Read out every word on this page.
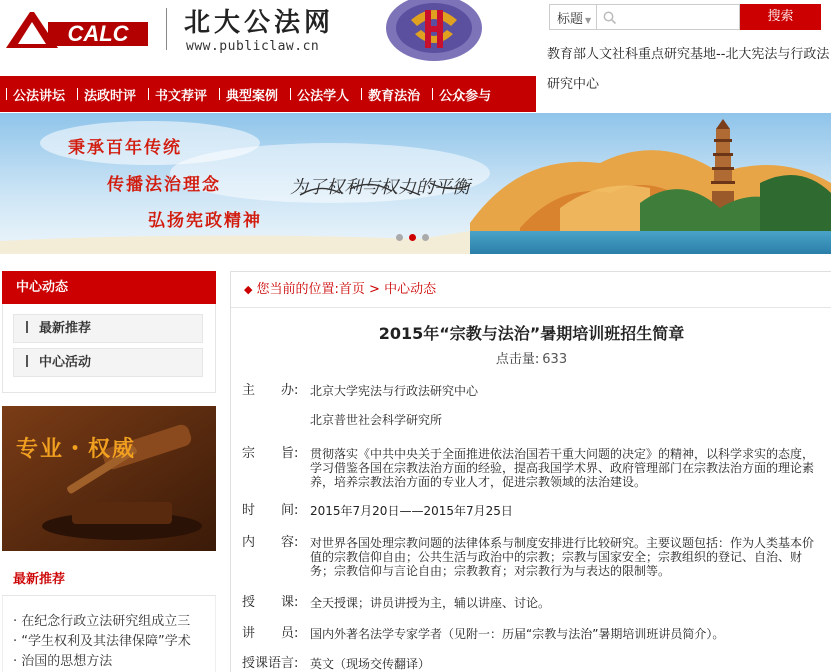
CALC 北大公法网
www.publiclaw.cn
标题 ▼	搜索
教育部人文社科重点研究基地--北大宪法与行政法研究中心
公法讲坛 法政时评 书文荐评 典型案例 公法学人 教育法治 公众参与
秉承百年传统
传播法治理念
弘扬宪政精神
为了权利与权力的平衡
中心动态
最新推荐
中心活动
专业・权威
最新推荐
· 在纪念行政立法研究组成立三
· “学生权利及其法律保障”学术
· 治国的思想方法
◆ 您当前的位置:首页 > 中心动态
2015年“宗教与法治”暑期培训班招生简章
点击量: 633
主 办: 北京大学宪法与行政法研究中心
北京普世社会科学研究所
宗 旨: 贯彻落实《中共中央关于全面推进依法治国若干重大问题的决定》的精神，以科学求实的态度，学习借鉴各国在宗教法治方面的经验，提高我国学术界、政府管理部门在宗教法治方面的理论素养，培养宗教法治方面的专业人才，促进宗教领域的法治建设。
时 间: 2015年7月20日——2015年7月25日
内 容: 对世界各国处理宗教问题的法律体系与制度安排进行比较研究。主要议题包括：作为人类基本价值的宗教信仰自由；公共生活与政治中的宗教；宗教与国家安全；宗教组织的登记、自治、财务；宗教信仰与言论自由；宗教教育；对宗教行为与表达的限制等。
授 课: 全天授课；讲员讲授为主，辅以讲座、讨论。
讲 员: 国内外著名法学专家学者（见附一：历届“宗教与法治”暑期培训班讲员简介）。
授课语言: 英文（现场交传翻译）
